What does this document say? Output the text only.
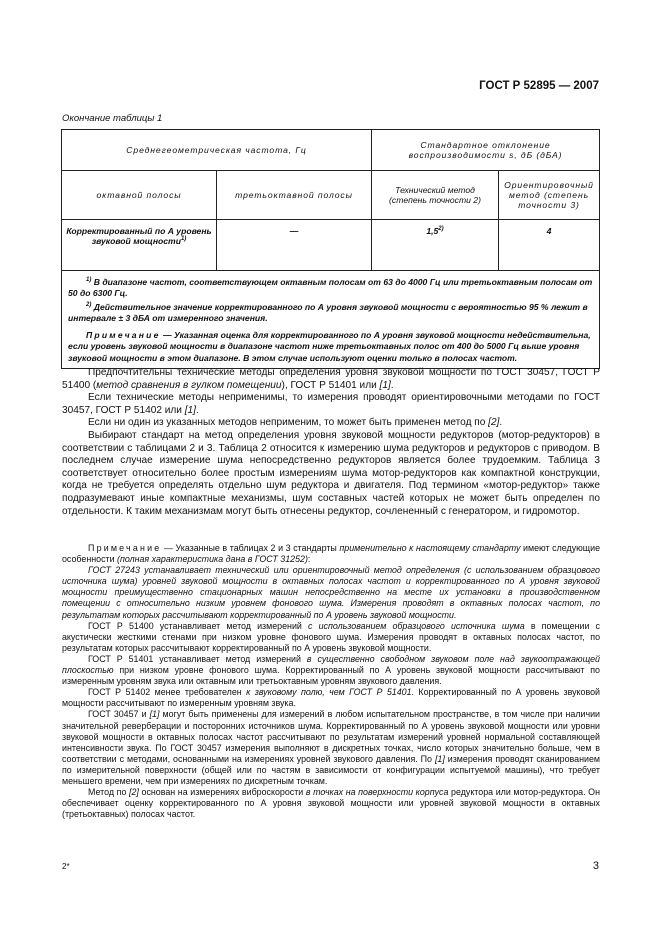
ГОСТ Р 52895 — 2007
Окончание таблицы 1
Среднегеометрическая частота, Гц		Стандартное отклонение воспроизводимости s, дБ (дБА)	
октавной полосы	третьоктавной полосы	Технический метод (степень точности 2)	Ориентировочный метод (степень точности 3)
Корректированный по А уровень звуковой мощности$^{1)}$	—	1,5$^{2)}$	4

$^{1)}$ В диапазоне частот, соответствующем октавным полосам от 63 до 4000 Гц или третьоктавным полосам от 50 до 6300 Гц.

$^{2)}$ Действительное значение корректированного по А уровня звуковой мощности с вероятностью 95 % лежит в интервале ± 3 дБА от измеренного значения.

Примечание — Указанная оценка для корректированного по А уровня звуковой мощности недействительна, если уровень звуковой мощности в диапазоне частот ниже третьоктавных полос от 400 до 5000 Гц выше уровня звуковой мощности в этом диапазоне. В этом случае используют оценки только в полосах частот.			

Предпочтительны технические методы определения уровня звуковой мощности по ГОСТ 30457, ГОСТ Р 51400 (метод сравнения в гулком помещении), ГОСТ Р 51401 или [1].

Если технические методы неприменимы, то измерения проводят ориентировочными методами по ГОСТ 30457, ГОСТ Р 51402 или [1].

Если ни один из указанных методов неприменим, то может быть применен метод по [2].

Выбирают стандарт на метод определения уровня звуковой мощности редукторов (мотор-редукторов) в соответствии с таблицами 2 и 3. Таблица 2 относится к измерению шума редукторов и редукторов с приводом. В последнем случае измерение шума непосредственно редукторов является более трудоемким. Таблица 3 соответствует относительно более простым измерениям шума мотор-редукторов как компактной конструкции, когда не требуется определять отдельно шум редуктора и двигателя. Под термином «мотор-редуктор» также подразумевают иные компактные механизмы, шум составных частей которых не может быть определен по отдельности. К таким механизмам могут быть отнесены редуктор, сочлененный с генератором, и гидромотор.

Примечание — Указанные в таблицах 2 и 3 стандарты применительно к настоящему стандарту имеют следующие особенности (полная характеристика дана в ГОСТ 31252):

ГОСТ 27243 устанавливает технический или ориентировочный метод определения (с использованием образцового источника шума) уровней звуковой мощности в октавных полосах частот и корректированного по А уровня звуковой мощности преимущественно стационарных машин непосредственно на месте их установки в производственном помещении с относительно низким уровнем фонового шума. Измерения проводят в октавных полосах частот, по результатам которых рассчитывают корректированный по А уровень звуковой мощности.

ГОСТ Р 51400 устанавливает метод измерений с использованием образцового источника шума в помещении с акустически жесткими стенами при низком уровне фонового шума. Измерения проводят в октавных полосах частот, по результатам которых рассчитывают корректированный по А уровень звуковой мощности.

ГОСТ Р 51401 устанавливает метод измерений в существенно свободном звуковом поле над звукоотражающей плоскостью при низком уровне фонового шума. Корректированный по А уровень звуковой мощности рассчитывают по измеренным уровням звука или октавным или третьоктавным уровням звукового давления.

ГОСТ Р 51402 менее требователен к звуковому полю, чем ГОСТ Р 51401. Корректированный по А уровень звуковой мощности рассчитывают по измеренным уровням звука.

ГОСТ 30457 и [1] могут быть применены для измерений в любом испытательном пространстве, в том числе при наличии значительной реверберации и посторонних источников шума. Корректированный по А уровень звуковой мощности или уровни звуковой мощности в октавных полосах частот рассчитывают по результатам измерений уровней нормальной составляющей интенсивности звука. По ГОСТ 30457 измерения выполняют в дискретных точках, число которых значительно больше, чем в соответствии с методами, основанными на измерениях уровней звукового давления. По [1] измерения проводят сканированием по измерительной поверхности (общей или по частям в зависимости от конфигурации испытуемой машины), что требует меньшего времени, чем при измерениях по дискретным точкам.

Метод по [2] основан на измерениях виброскорости в точках на поверхности корпуса редуктора или мотор-редуктора. Он обеспечивает оценку корректированного по А уровня звуковой мощности или уровней звуковой мощности в октавных (третьоктавных) полосах частот.

2*	3
